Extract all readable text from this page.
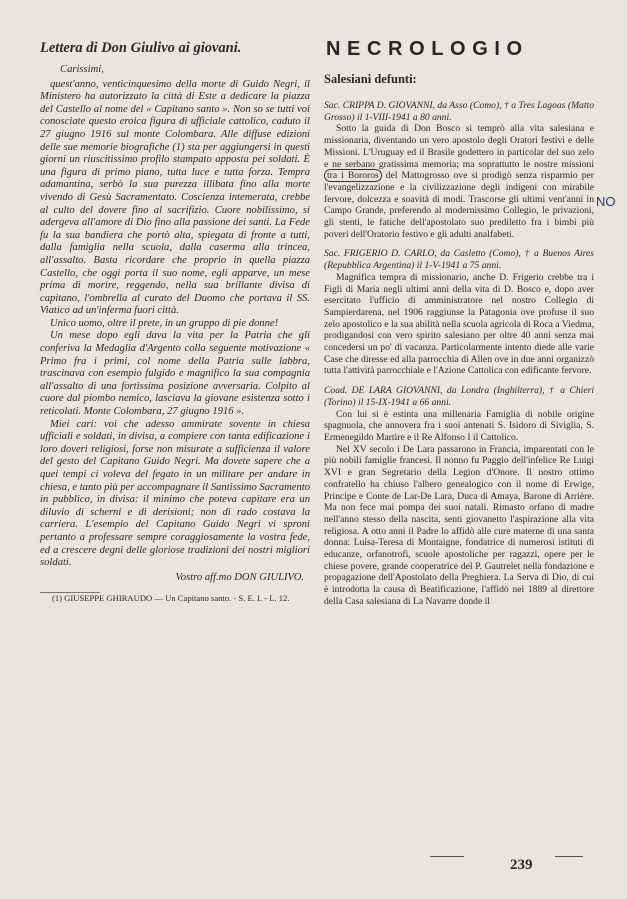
Lettera di Don Giulivo ai giovani.

Carissimi,

quest'anno, venticinquesimo della morte di Guido Negri, il Ministero ha autorizzato la città di Este a dedicare la piazza del Castello al nome del « Capitano santo ». Non so se tutti voi conosciate questo eroica figura di ufficiale cattolico, caduto il 27 giugno 1916 sul monte Colombara. Alle diffuse edizioni delle sue memorie biografiche (1) sta per aggiungersi in questi giorni un riuscitissimo profilo stampato apposta pei soldati. È una figura di primo piano, tutta luce e tutta forza. Tempra adamantina, serbò la sua purezza illibata fino alla morte vivendo di Gesù Sacramentato. Coscienza intemerata, crebbe al culto del dovere fino al sacrifizio. Cuore nobilissimo, si adergeva all'amore di Dio fino alla passione dei santi. La Fede fu la sua bandiera che portò alta, spiegata di fronte a tutti, dalla famiglia nella scuola, dalla caserma alla trincea, all'assalto. Basta ricordare che proprio in quella piazza Castello, che oggi porta il suo nome, egli apparve, un mese prima di morire, reggendo, nella sua brillante divisa di capitano, l'ombrella al curato del Duomo che portava il SS. Viatico ad un'inferma fuori città.

Unico uomo, oltre il prete, in un gruppo di pie donne!

Un mese dopo egli dava la vita per la Patria che gli conferiva la Medaglia d'Argento colla seguente motivazione « Primo fra i primi, col nome della Patria sulle labbra, trascinava con esempio fulgido e magnifico la sua compagnia all'assalto di una fortissima posizione avversaria. Colpito al cuore dal piombo nemico, lasciava la giovane esistenza sotto i reticolati. Monte Colombara, 27 giugno 1916 ».

Miei cari: voi che adesso ammirate sovente in chiesa ufficiali e soldati, in divisa, a compiere con tanta edificazione i loro doveri religiosi, forse non misurate a sufficienza il valore del gesto del Capitano Guido Negri. Ma dovete sapere che a quei tempi ci voleva del fegato in un militare per andare in chiesa, e tanto più per accompagnare il Santissimo Sacramento in pubblico, in divisa: il minimo che poteva capitare era un diluvio di scherni e di derisioni; non di rado costava la carriera. L'esempio del Capitano Guido Negri vi sproni pertanto a professare sempre coraggiosamente la vostra fede, ed a crescere degni delle gloriose tradizioni dei nostri migliori soldati.

Vostro aff.mo DON GIULIVO.

(1) GIUSEPPE GHIRAUDO — Un Capitano santo. - S. E. I. - L. 12.

NECROLOGIO
Salesiani defunti:

Sac. CRIPPA D. GIOVANNI, da Asso (Como), † a Tres Lagoas (Matto Grosso) il 1-VIII-1941 a 80 anni.

Sotto la guida di Don Bosco si temprò alla vita salesiana e missionaria, diventando un vero apostolo degli Oratori festivi e delle Missioni. L'Uruguay ed il Brasile godettero in particolar del suo zelo e ne serbano gratissima memoria; ma soprattutto le nostre missioni tra i Bororos del Mattogrosso ove si prodigò senza risparmio per l'evangelizzazione e la civilizzazione degli indigeni con mirabile fervore, dolcezza e soavità di modi. Trascorse gli ultimi vent'anni in Campo Grande, preferendo al modernissimo Collegio, le privazioni, gli stenti, le fatiche dell'apostolato suo prediletto fra i bimbi più poveri dell'Oratorio festivo e gli adulti analfabeti.

Sac. FRIGERIO D. CARLO, da Casletto (Como), † a Buenos Aires (Repubblica Argentina) il 1-V-1941 a 75 anni.

Magnifica tempra di missionario, anche D. Frigerio crebbe tra i Figli di Maria negli ultimi anni della vita di D. Bosco e, dopo aver esercitato l'ufficio di amministratore nel nostro Collegio di Sampierdarena, nel 1906 raggiunse la Patagonia ove profuse il suo zelo apostolico e la sua abilità nella scuola agricola di Roca a Viedma, prodigandosi con vero spirito salesiano per oltre 40 anni senza mai concedersi un po' di vacanza. Particolarmente intento diede alle varie Case che diresse ed alla parrocchia di Allen ove in due anni organizzò tutta l'attività parrocchiale e l'Azione Cattolica con edificante fervore.

Coad. DE LARA GIOVANNI, da Londra (Inghilterra), † a Chieri (Torino) il 15-IX-1941 a 66 anni.

Con lui si è estinta una millenaria Famiglia di nobile origine spagnuola, che annovera fra i suoi antenati S. Isidoro di Siviglia, S. Ermenegildo Martire e il Re Alfonso I il Cattolico.

Nel XV secolo i De Lara passarono in Francia, imparentati con le più nobili famiglie francesi. Il nonno fu Paggio dell'infelice Re Luigi XVI e gran Segretario della Legion d'Onore. Il nostro ottimo confratello ha chiuso l'albero genealogico con il nome di Erwige, Principe e Conte de Lar-De Lara, Duca di Amaya, Barone di Arrière. Ma non fece mai pompa dei suoi natali. Rimasto orfano di madre nell'anno stesso della nascita, senti giovanetto l'aspirazione alla vita religiosa. A otto anni il Padre lo affidò alle cure materne di una santa donna: Luisa-Teresa di Montaigne, fondatrice di numerosi istituti di educanze, orfanotrofi, scuole apostoliche per ragazzi, opere per le chiese povere, grande cooperatrice del P. Gautrelet nella fondazione e propagazione dell'Apostolato della Preghiera. La Serva di Dio, di cui è introdotta la causa di Beatificazione, l'affidò nel 1889 al direttore della Casa salesiana di La Navarre donde il

NO
239
